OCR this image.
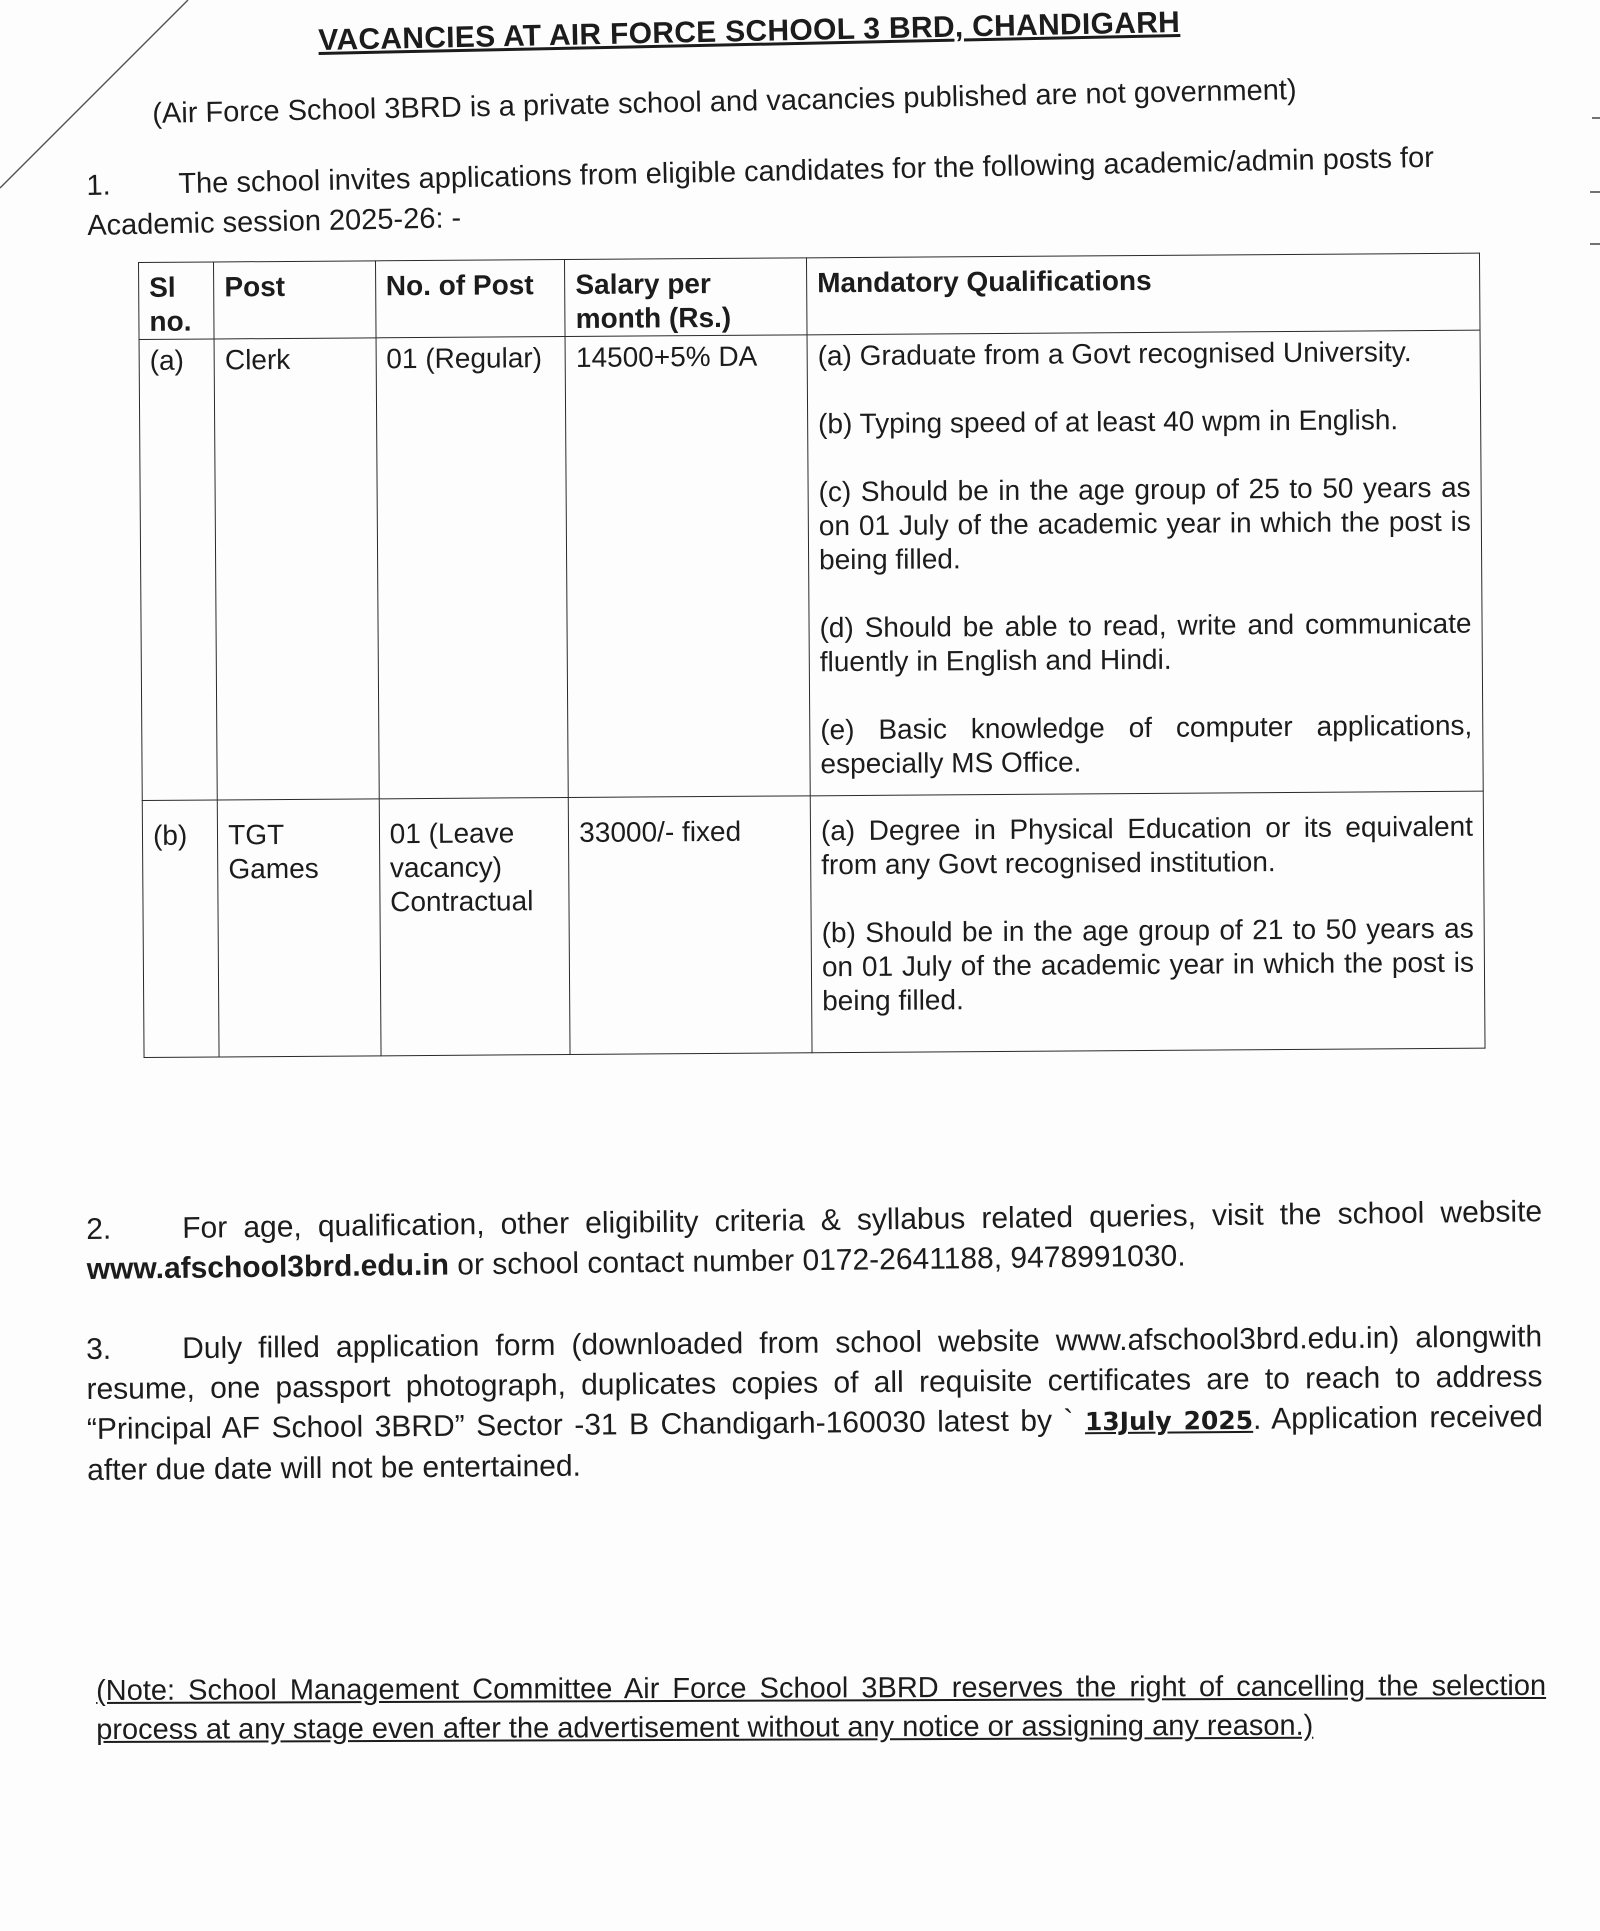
VACANCIES AT AIR FORCE SCHOOL 3 BRD, CHANDIGARH
(Air Force School 3BRD is a private school and vacancies published are not government)
1. The school invites applications from eligible candidates for the following academic/admin posts for Academic session 2025-26: -
Sl no.	Post	No. of Post	Salary per month (Rs.)	Mandatory Qualifications
(a)	Clerk	01 (Regular)	14500+5% DA	(a) Graduate from a Govt recognised University.
(b) Typing speed of at least 40 wpm in English.
(c) Should be in the age group of 25 to 50 years as on 01 July of the academic year in which the post is being filled.
(d) Should be able to read, write and communicate fluently in English and Hindi.
(e) Basic knowledge of computer applications, especially MS Office.

(b)	TGT Games	01 (Leave vacancy) Contractual	33000/- fixed	(a) Degree in Physical Education or its equivalent from any Govt recognised institution.
(b) Should be in the age group of 21 to 50 years as on 01 July of the academic year in which the post is being filled.
2. For age, qualification, other eligibility criteria & syllabus related queries, visit the school website www.afschool3brd.edu.in or school contact number 0172-2641188, 9478991030.
3. Duly filled application form (downloaded from school website www.afschool3brd.edu.in) alongwith resume, one passport photograph, duplicates copies of all requisite certificates are to reach to address “Principal AF School 3BRD” Sector -31 B Chandigarh-160030 latest by ` 13July 2025. Application received after due date will not be entertained.
(Note: School Management Committee Air Force School 3BRD reserves the right of cancelling the selection process at any stage even after the advertisement without any notice or assigning any reason.)
